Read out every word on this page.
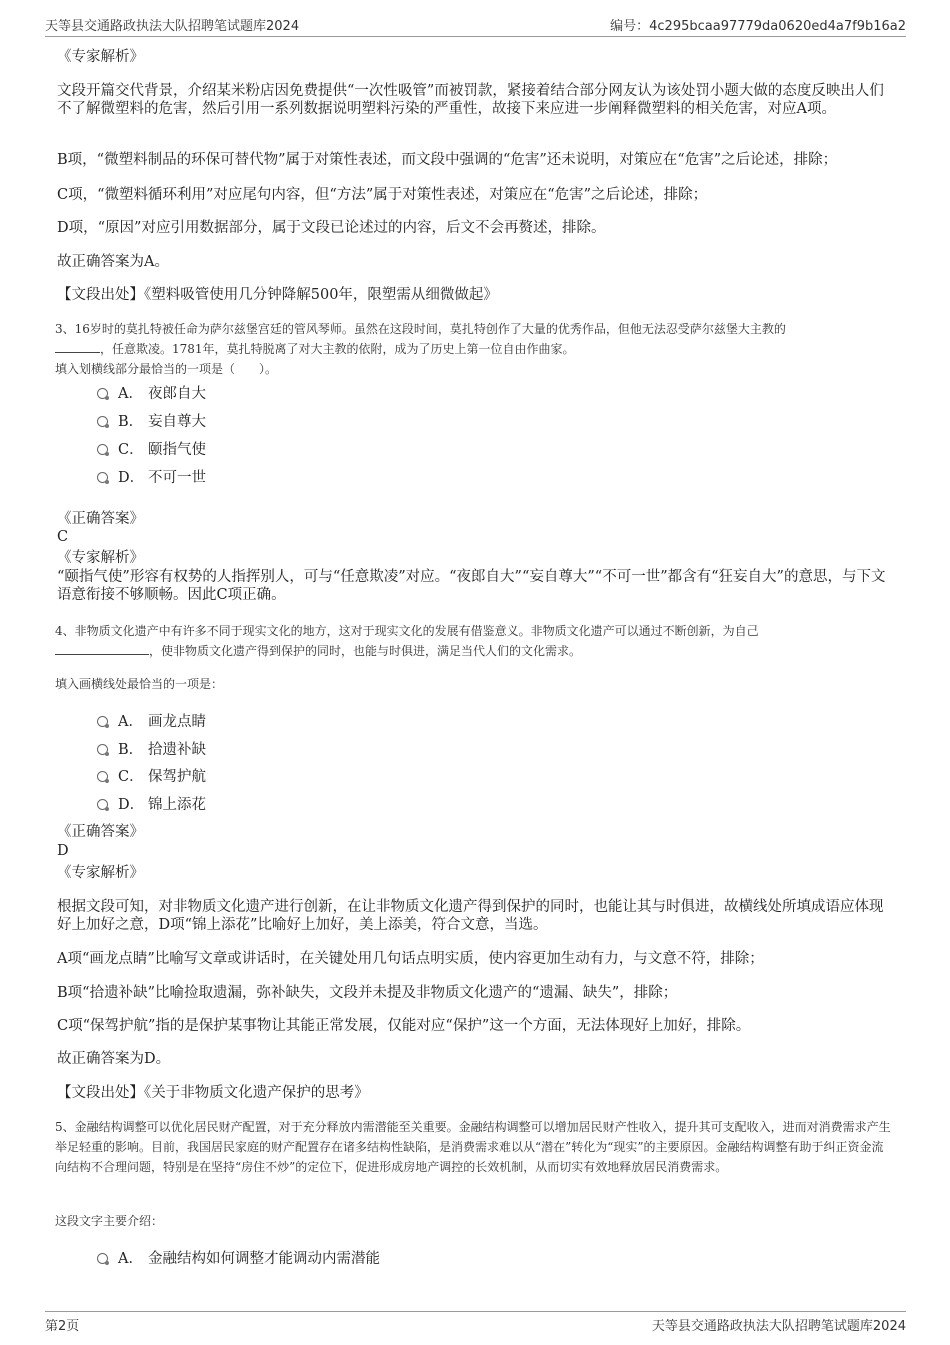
天等县交通路政执法大队招聘笔试题库2024	编号：4c295bcaa97779da0620ed4a7f9b16a2

《专家解析》

文段开篇交代背景，介绍某米粉店因免费提供“一次性吸管”而被罚款，紧接着结合部分网友认为该处罚小题大做的态度反映出人们不了解微塑料的危害，然后引用一系列数据说明塑料污染的严重性，故接下来应进一步阐释微塑料的相关危害，对应A项。

B项，“微塑料制品的环保可替代物”属于对策性表述，而文段中强调的“危害”还未说明，对策应在“危害”之后论述，排除；

C项，“微塑料循环利用”对应尾句内容，但“方法”属于对策性表述，对策应在“危害”之后论述，排除；

D项，“原因”对应引用数据部分，属于文段已论述过的内容，后文不会再赘述，排除。

故正确答案为A。

【文段出处】《塑料吸管使用几分钟降解500年，限塑需从细微做起》

3、16岁时的莫扎特被任命为萨尔兹堡宫廷的管风琴师。虽然在这段时间，莫扎特创作了大量的优秀作品，但他无法忍受萨尔兹堡大主教的
，任意欺凌。1781年，莫扎特脱离了对大主教的依附，成为了历史上第一位自由作曲家。

填入划横线部分最恰当的一项是（　　）。

A． 夜郎自大
B． 妄自尊大
C． 颐指气使
D． 不可一世

《正确答案》

C

《专家解析》

“颐指气使”形容有权势的人指挥别人，可与“任意欺凌”对应。“夜郎自大”“妄自尊大”“不可一世”都含有“狂妄自大”的意思，与下文语意衔接不够顺畅。因此C项正确。

4、非物质文化遗产中有许多不同于现实文化的地方，这对于现实文化的发展有借鉴意义。非物质文化遗产可以通过不断创新，为自己
，使非物质文化遗产得到保护的同时，也能与时俱进，满足当代人们的文化需求。

填入画横线处最恰当的一项是：

A． 画龙点睛
B． 拾遗补缺
C． 保驾护航
D． 锦上添花

《正确答案》

D

《专家解析》

根据文段可知，对非物质文化遗产进行创新，在让非物质文化遗产得到保护的同时，也能让其与时俱进，故横线处所填成语应体现好上加好之意，D项“锦上添花”比喻好上加好，美上添美，符合文意，当选。

A项“画龙点睛”比喻写文章或讲话时，在关键处用几句话点明实质，使内容更加生动有力，与文意不符，排除；

B项“拾遗补缺”比喻捡取遗漏，弥补缺失，文段并未提及非物质文化遗产的“遗漏、缺失”，排除；

C项“保驾护航”指的是保护某事物让其能正常发展，仅能对应“保护”这一个方面，无法体现好上加好，排除。

故正确答案为D。

【文段出处】《关于非物质文化遗产保护的思考》

5、金融结构调整可以优化居民财产配置，对于充分释放内需潜能至关重要。金融结构调整可以增加居民财产性收入，提升其可支配收入，进而对消费需求产生举足轻重的影响。目前，我国居民家庭的财产配置存在诸多结构性缺陷，是消费需求难以从“潜在”转化为“现实”的主要原因。金融结构调整有助于纠正资金流向结构不合理问题，特别是在坚持“房住不炒”的定位下，促进形成房地产调控的长效机制，从而切实有效地释放居民消费需求。

这段文字主要介绍：

A． 金融结构如何调整才能调动内需潜能
第2页	天等县交通路政执法大队招聘笔试题库2024
